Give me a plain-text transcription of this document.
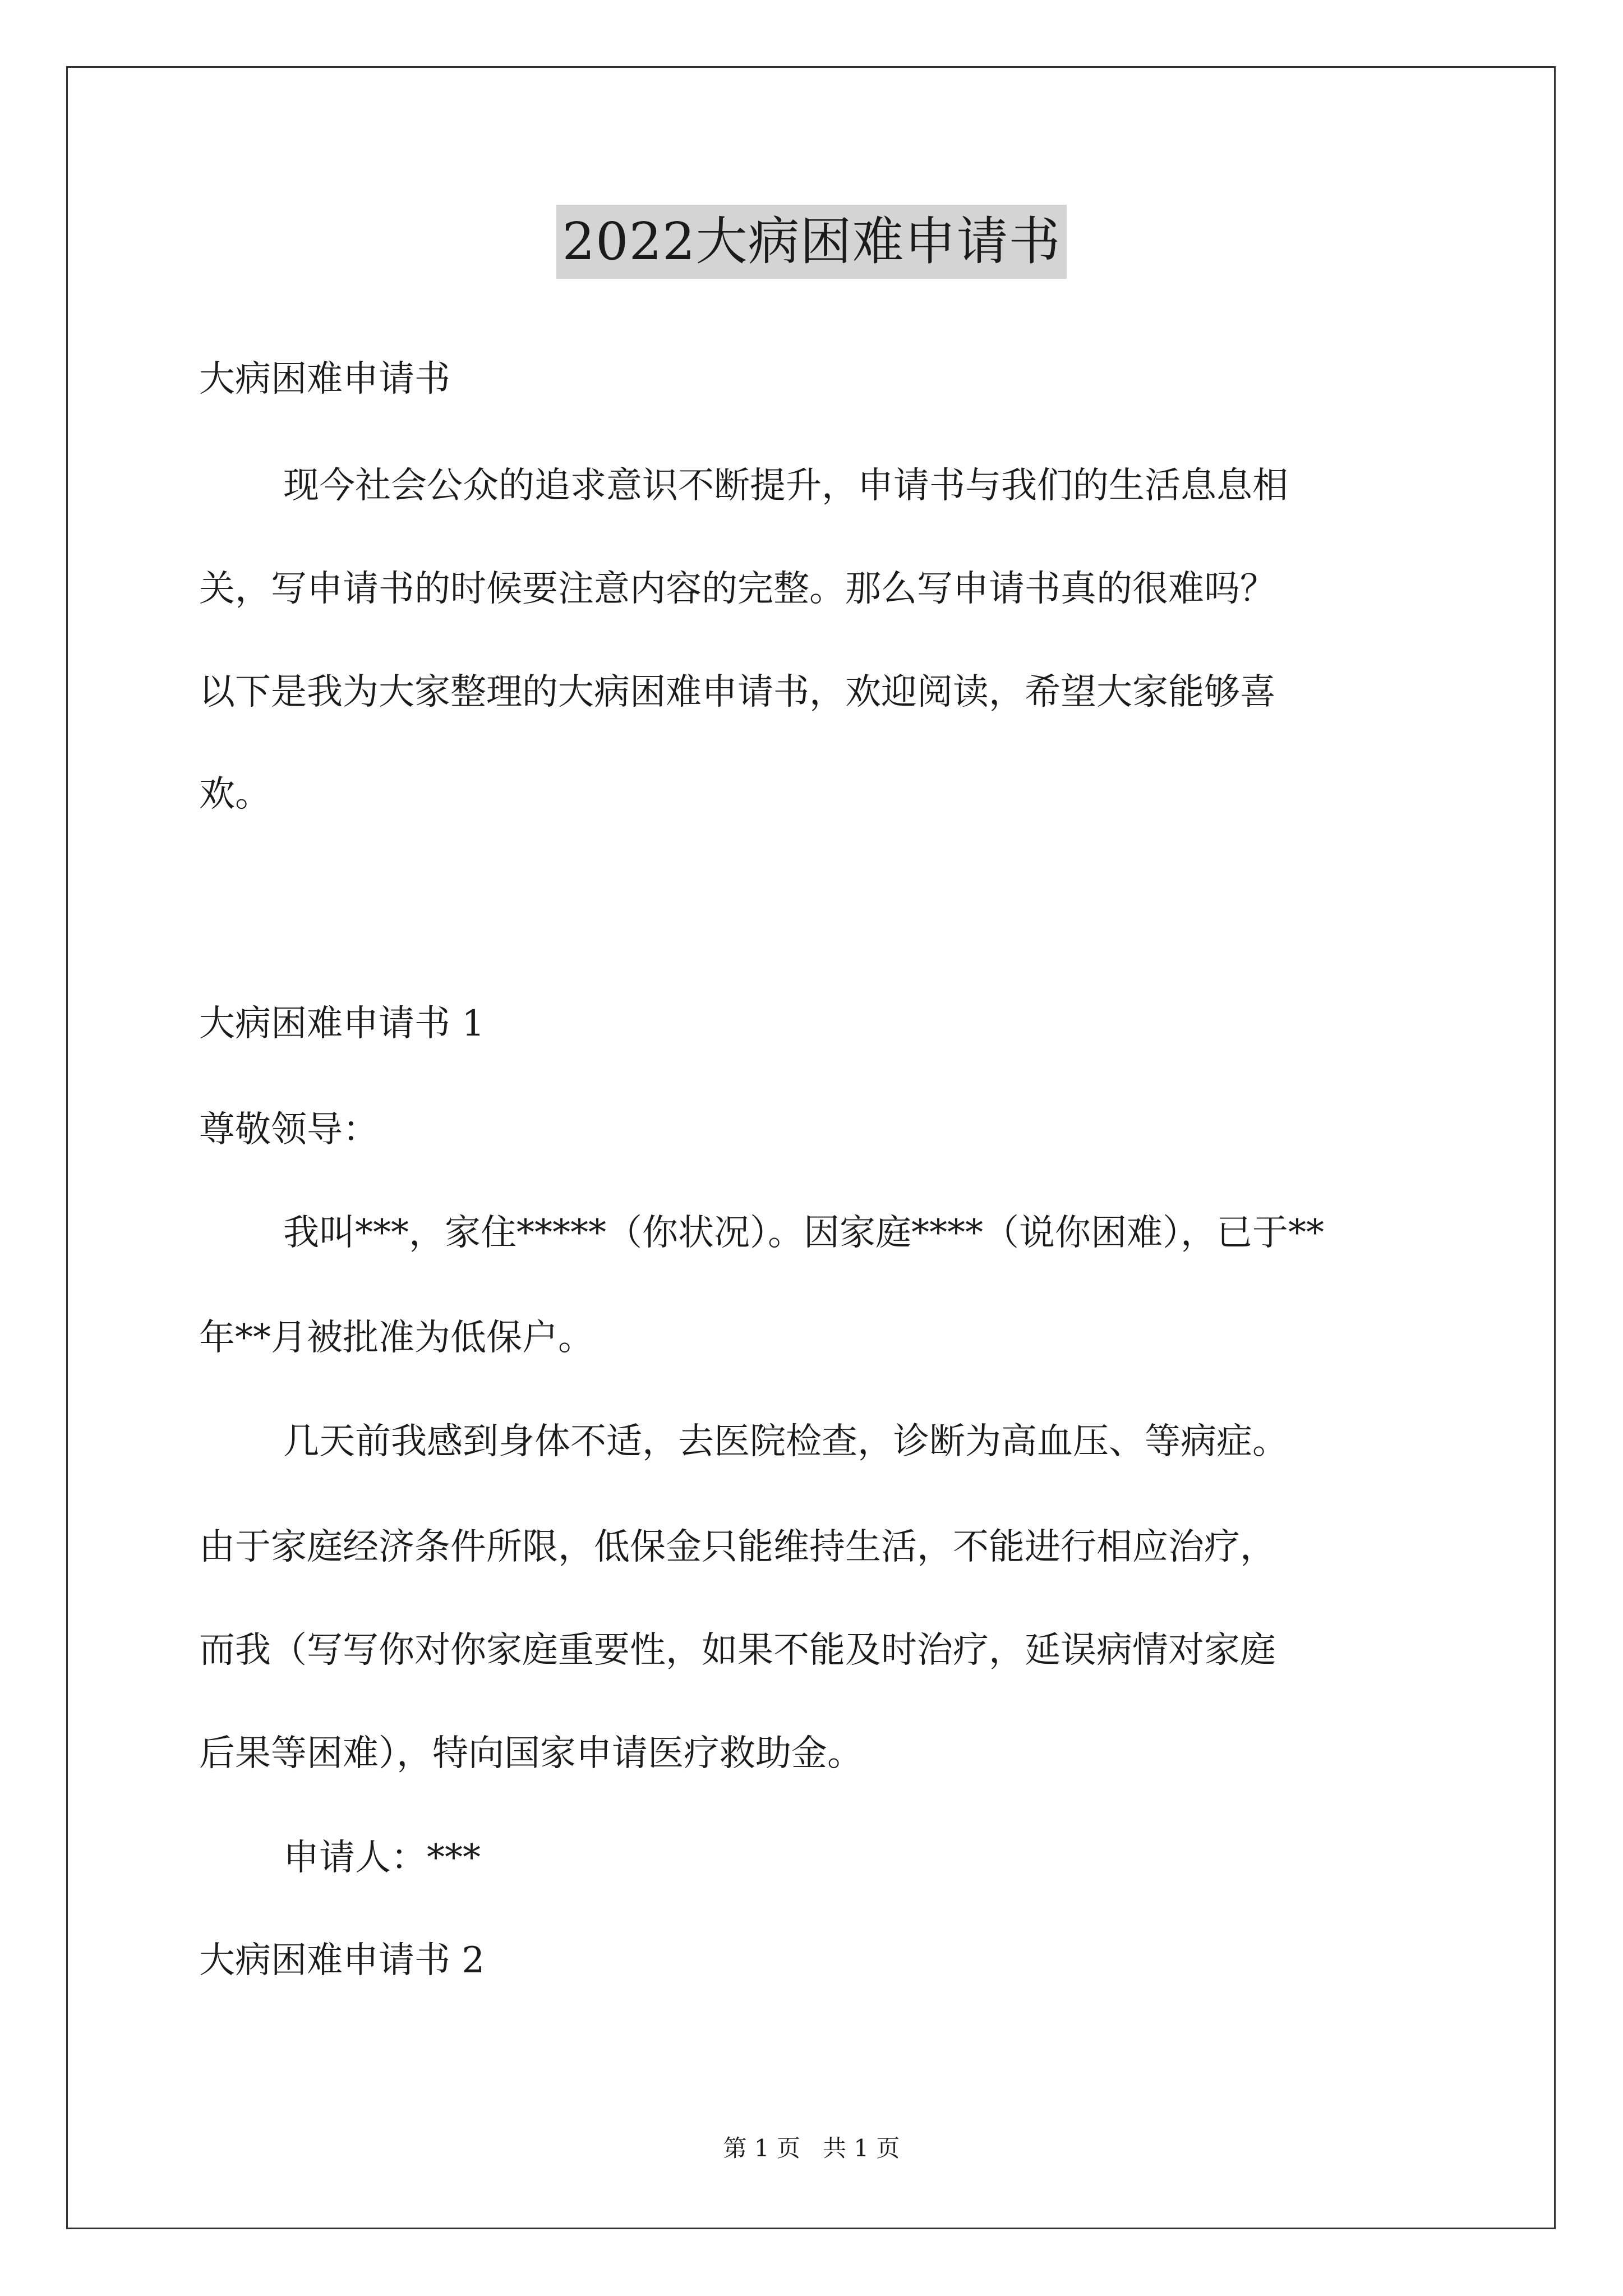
2022大病困难申请书
大病困难申请书
现今社会公众的追求意识不断提升，申请书与我们的生活息息相
关，写申请书的时候要注意内容的完整。那么写申请书真的很难吗？
以下是我为大家整理的大病困难申请书，欢迎阅读，希望大家能够喜
欢。
大病困难申请书 1
尊敬领导：
我叫***，家住*****（你状况）。因家庭****（说你困难），已于**
年**月被批准为低保户。
几天前我感到身体不适，去医院检查，诊断为高血压、等病症。
由于家庭经济条件所限，低保金只能维持生活，不能进行相应治疗，
而我（写写你对你家庭重要性，如果不能及时治疗，延误病情对家庭
后果等困难），特向国家申请医疗救助金。
申请人：***
大病困难申请书 2
第 1 页 共 1 页
